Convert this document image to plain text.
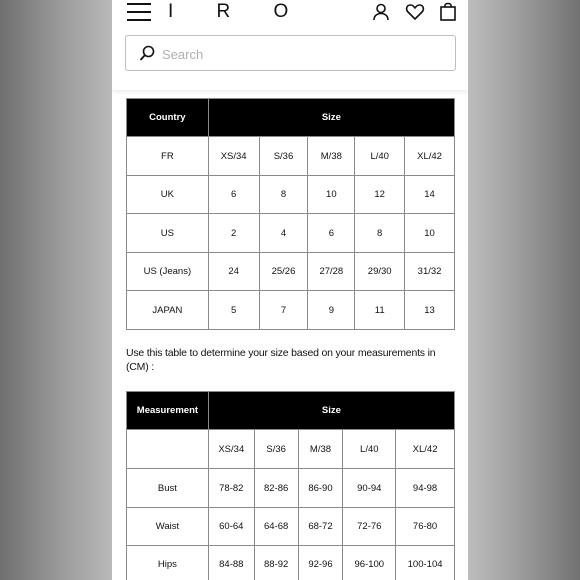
I R O
Search
Country	Size				
FR	XS/34	S/36	M/38	L/40	XL/42
UK	6	8	10	12	14
US	2	4	6	8	10
US (Jeans)	24	25/26	27/28	29/30	31/32
JAPAN	5	7	9	11	13

Use this table to determine your size based on your measurements in (CM) :

Measurement	Size				
	XS/34	S/36	M/38	L/40	XL/42
Bust	78-82	82-86	86-90	90-94	94-98
Waist	60-64	64-68	68-72	72-76	76-80
Hips	84-88	88-92	92-96	96-100	100-104
